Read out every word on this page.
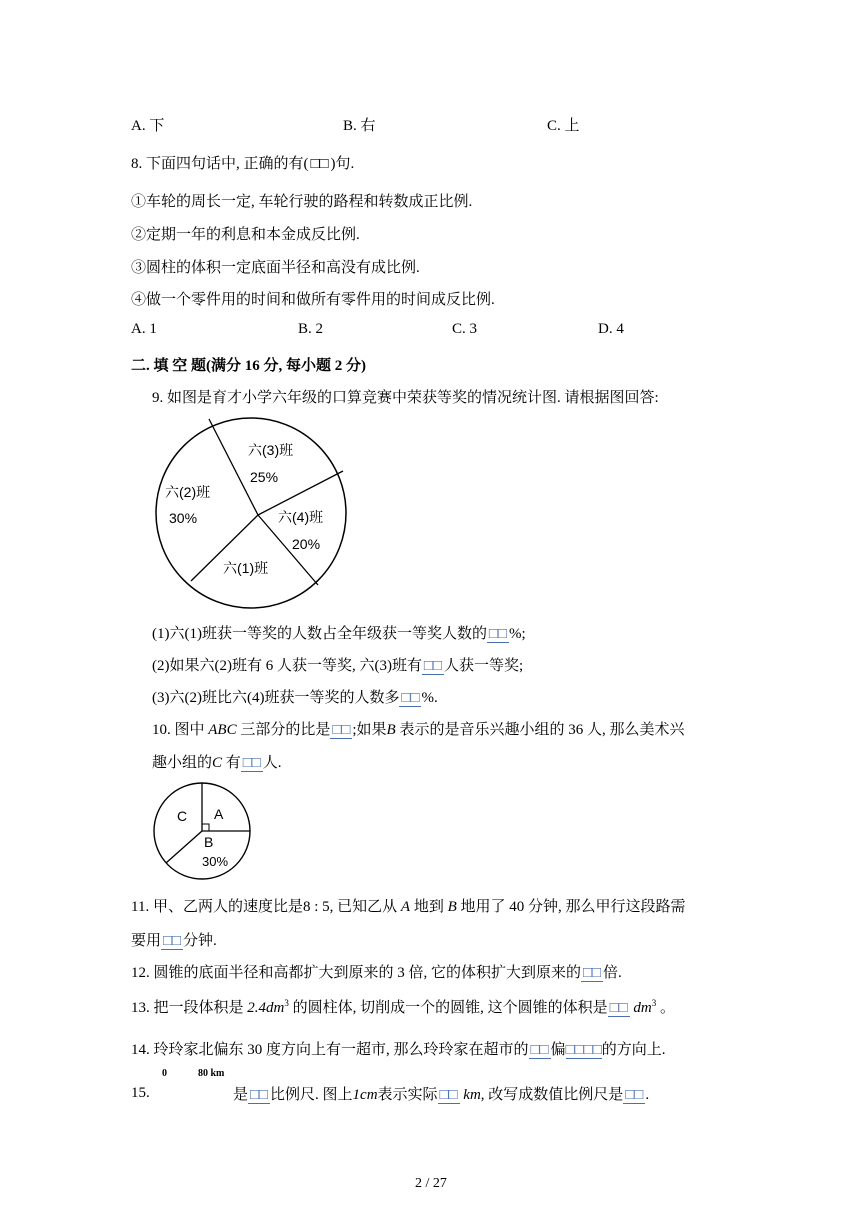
A. 下	B. 右	C. 上
8. 下面四句话中, 正确的有( □□ )句.
①车轮的周长一定, 车轮行驶的路程和转数成正比例.
②定期一年的利息和本金成反比例.
③圆柱的体积一定底面半径和高没有成比例.
④做一个零件用的时间和做所有零件用的时间成反比例.
A. 1	B. 2	C. 3	D. 4
二. 填 空 题(满分 16 分, 每小题 2 分)
9. 如图是育才小学六年级的口算竞赛中荣获等奖的情况统计图. 请根据图回答:
六(3)班
25%
六(2)班
30%	六(4)班
20%
六(1)班
(1)六(1)班获一等奖的人数占全年级获一等奖人数的 □□ %;
(2)如果六(2)班有 6 人获一等奖, 六(3)班有 □□ 人获一等奖;
(3)六(2)班比六(4)班获一等奖的人数多 □□ %.
10. 图中 ABC 三部分的比是 □□ ;如果B 表示的是音乐兴趣小组的 36 人, 那么美术兴
趣小组的C 有 □□ 人.
C A
B
30%
11. 甲、乙两人的速度比是8 : 5, 已知乙从 A 地到 B 地用了 40 分钟, 那么甲行这段路需
要用 □□ 分钟.
12. 圆锥的底面半径和高都扩大到原来的 3 倍, 它的体积扩大到原来的 □□ 倍.
13. 把一段体积是 $2.4dm^3$ 的圆柱体, 切削成一个的圆锥, 这个圆锥的体积是 □□ $dm^3$ 。
14. 玲玲家北偏东 30 度方向上有一超市, 那么玲玲家在超市的 □□ 偏□□□□的方向上.
15.
0	80 km
是 □□ 比例尺. 图上1cm表示实际 □□ km, 改写成数值比例尺是 □□ .
2 / 27
